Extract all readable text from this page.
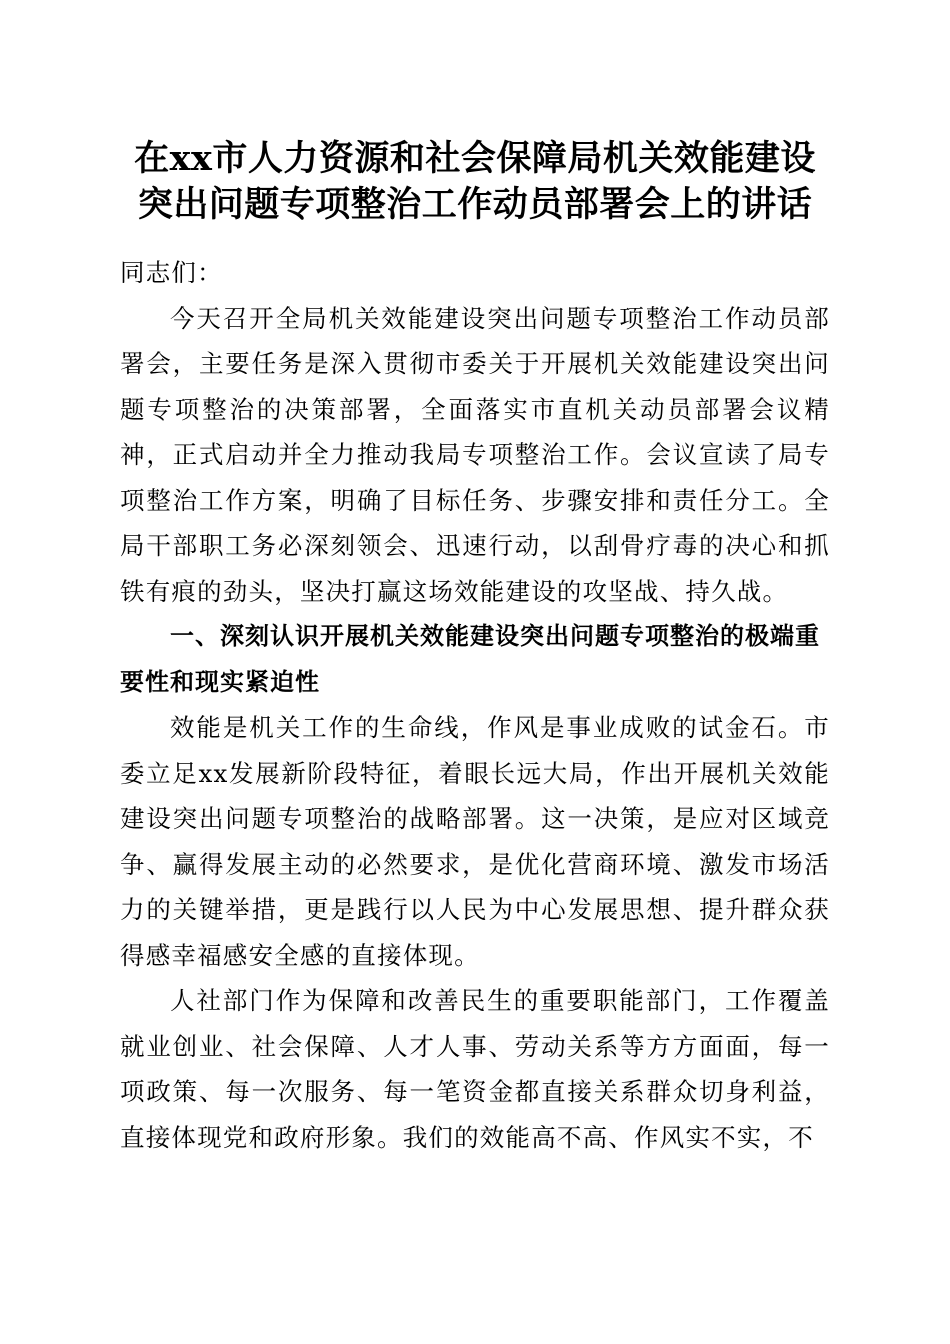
在xx市人力资源和社会保障局机关效能建设
突出问题专项整治工作动员部署会上的讲话

同志们：

今天召开全局机关效能建设突出问题专项整治工作动员部署会，主要任务是深入贯彻市委关于开展机关效能建设突出问题专项整治的决策部署，全面落实市直机关动员部署会议精神，正式启动并全力推动我局专项整治工作。会议宣读了局专项整治工作方案，明确了目标任务、步骤安排和责任分工。全局干部职工务必深刻领会、迅速行动，以刮骨疗毒的决心和抓铁有痕的劲头，坚决打赢这场效能建设的攻坚战、持久战。

一、深刻认识开展机关效能建设突出问题专项整治的极端重要性和现实紧迫性

效能是机关工作的生命线，作风是事业成败的试金石。市委立足xx发展新阶段特征，着眼长远大局，作出开展机关效能建设突出问题专项整治的战略部署。这一决策，是应对区域竞争、赢得发展主动的必然要求，是优化营商环境、激发市场活力的关键举措，更是践行以人民为中心发展思想、提升群众获得感幸福感安全感的直接体现。

人社部门作为保障和改善民生的重要职能部门，工作覆盖就业创业、社会保障、人才人事、劳动关系等方方面面，每一项政策、每一次服务、每一笔资金都直接关系群众切身利益，直接体现党和政府形象。我们的效能高不高、作风实不实，不
